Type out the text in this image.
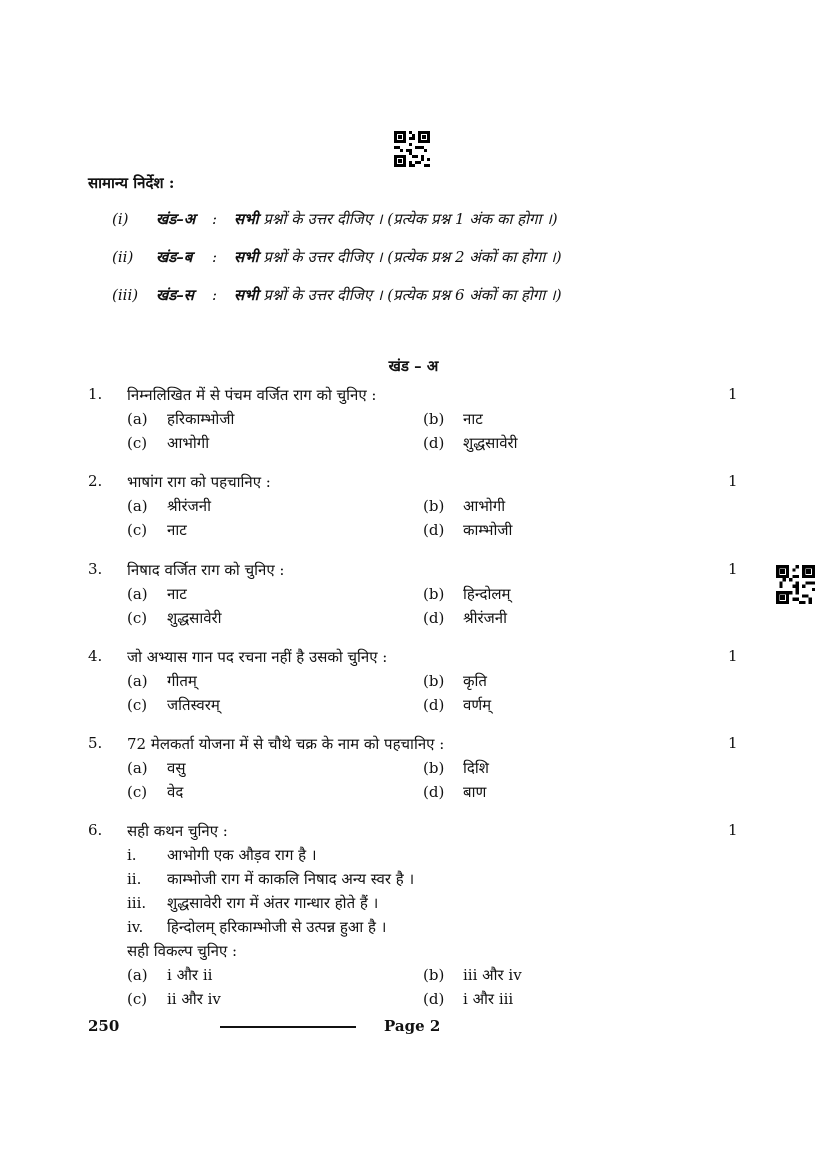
सामान्य निर्देश :
(i) खंड–अ : सभी प्रश्नों के उत्तर दीजिए । (प्रत्येक प्रश्न 1 अंक का होगा ।)
(ii) खंड–ब : सभी प्रश्नों के उत्तर दीजिए । (प्रत्येक प्रश्न 2 अंकों का होगा ।)
(iii) खंड–स : सभी प्रश्नों के उत्तर दीजिए । (प्रत्येक प्रश्न 6 अंकों का होगा ।)
खंड – अ
1. निम्नलिखित में से पंचम वर्जित राग को चुनिए :	1
(a) हरिकाम्भोजी	(b) नाट
(c) आभोगी	(d) शुद्धसावेरी
2. भाषांग राग को पहचानिए :	1
(a) श्रीरंजनी	(b) आभोगी
(c) नाट	(d) काम्भोजी
3. निषाद वर्जित राग को चुनिए :	1
(a) नाट	(b) हिन्दोलम्
(c) शुद्धसावेरी	(d) श्रीरंजनी
4. जो अभ्यास गान पद रचना नहीं है उसको चुनिए :	1
(a) गीतम्	(b) कृति
(c) जतिस्वरम्	(d) वर्णम्
5. 72 मेलकर्ता योजना में से चौथे चक्र के नाम को पहचानिए :	1
(a) वसु	(b) दिशि
(c) वेद	(d) बाण
6. सही कथन चुनिए :	1
i. आभोगी एक औड़व राग है ।
ii. काम्भोजी राग में काकलि निषाद अन्य स्वर है ।
iii. शुद्धसावेरी राग में अंतर गान्धार होते हैं ।
iv. हिन्दोलम् हरिकाम्भोजी से उत्पन्न हुआ है ।
सही विकल्प चुनिए :
(a) i और ii	(b) iii और iv
(c) ii और iv	(d) i और iii
250	Page 2
